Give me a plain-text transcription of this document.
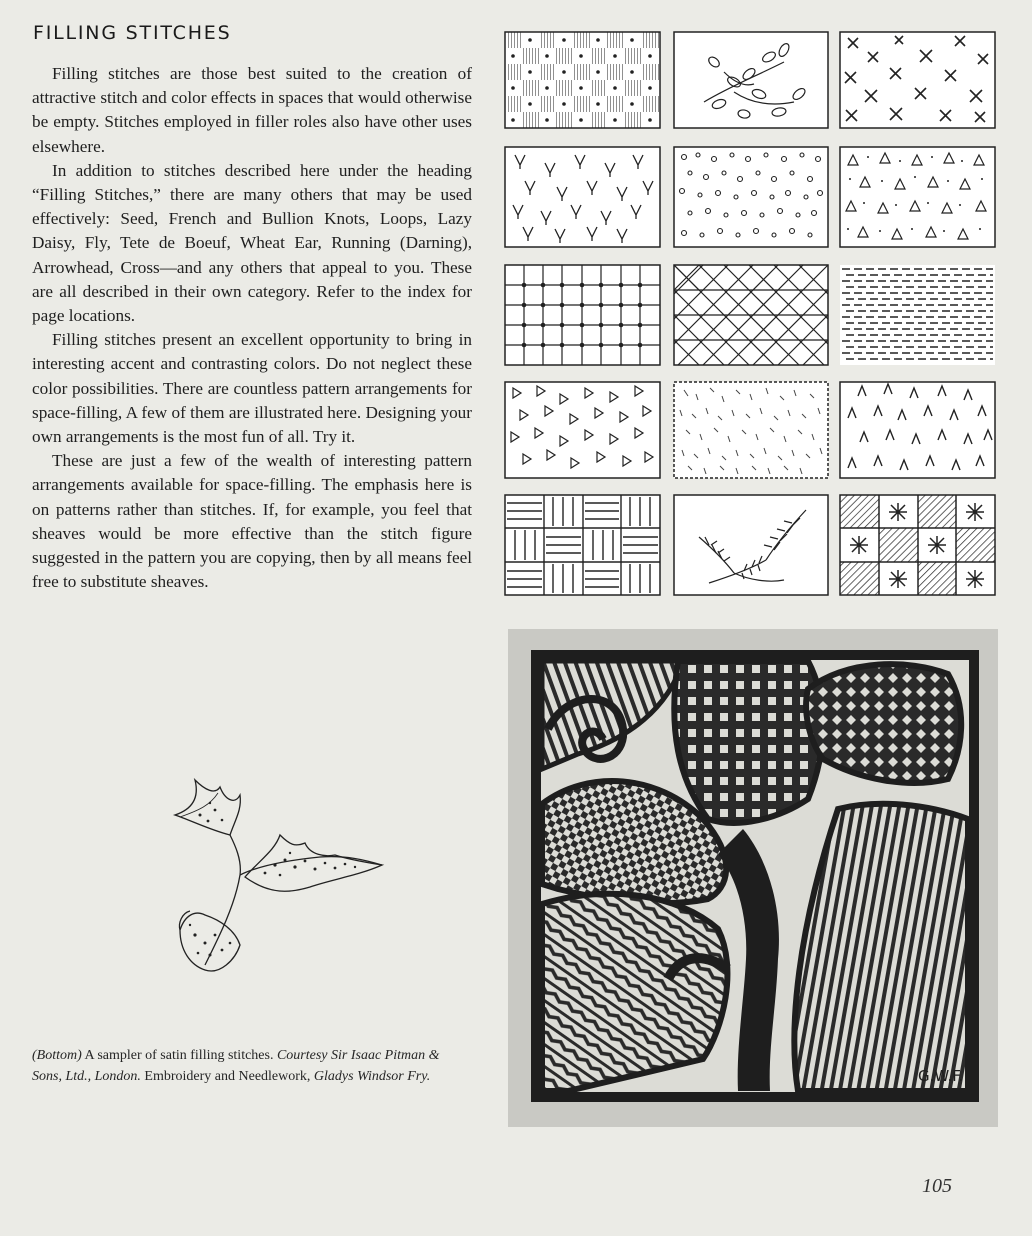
FILLING STITCHES

Filling stitches are those best suited to the creation of attractive stitch and color effects in spaces that would otherwise be empty. Stitches employed in filler roles also have other uses elsewhere.

In addition to stitches described here under the heading “Filling Stitches,” there are many others that may be used effectively: Seed, French and Bullion Knots, Loops, Lazy Daisy, Fly, Tete de Boeuf, Wheat Ear, Running (Darning), Arrowhead, Cross—and any others that appeal to you. These are all described in their own category. Refer to the index for page locations.

Filling stitches present an excellent opportunity to bring in interesting accent and contrasting colors. Do not neglect these color possibilities. There are countless pattern arrangements for space-filling, A few of them are illustrated here. Designing your own arrangements is the most fun of all. Try it.

These are just a few of the wealth of interesting pattern arrangements available for space-filling. The emphasis here is on patterns rather than stitches. If, for example, you feel that sheaves would be more effective than the stitch figure suggested in the pattern you are copying, then by all means feel free to substitute sheaves.

(Bottom) A sampler of satin filling stitches. Courtesy Sir Isaac Pitman & Sons, Ltd., London. Embroidery and Needlework, Gladys Windsor Fry.	G.W.F.
105
